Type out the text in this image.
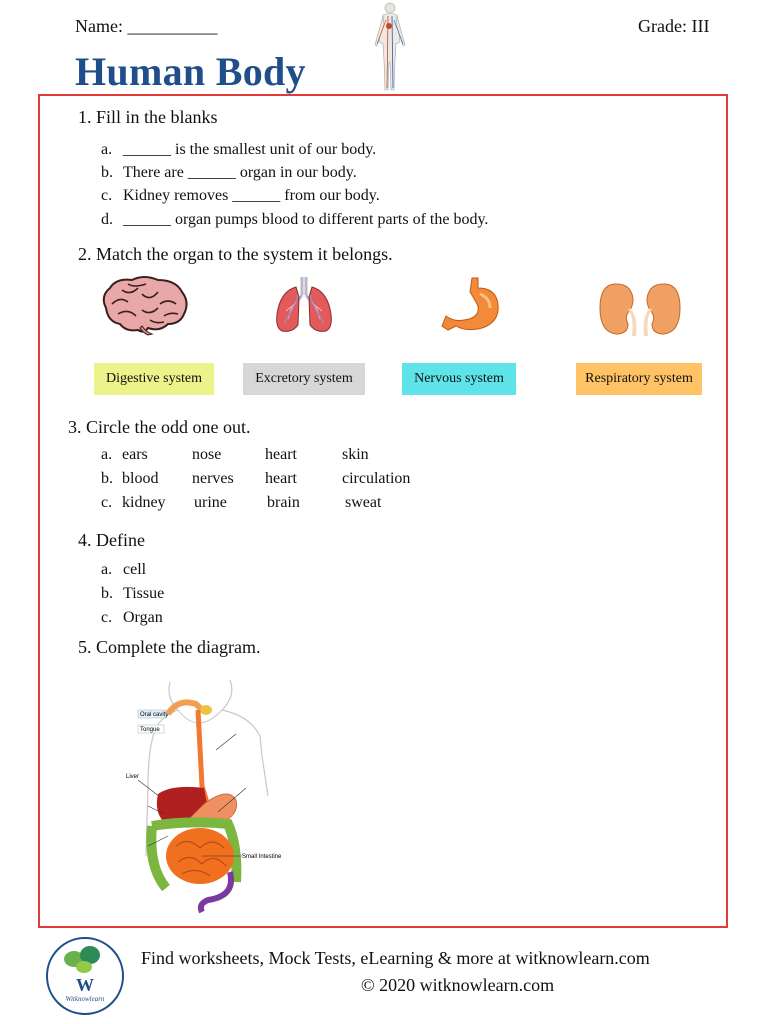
Name: __________	Grade: III
Human Body
1. Fill in the blanks
a. ______ is the smallest unit of our body.
b. There are ______ organ in our body.
c. Kidney removes ______ from our body.
d. ______ organ pumps blood to different parts of the body.
2. Match the organ to the system it belongs.
Digestive system	Excretory system	Nervous system	Respiratory system
3. Circle the odd one out.
a. ears	nose	heart	skin
b. blood nerves heart	circulation
c. kidney urine	brain	sweat
4. Define
a. cell
b. Tissue
c. Organ
5. Complete the diagram.
Oral cavity
Tongue
Liver
Small Intestine
W
Witknowlearn
Find worksheets, Mock Tests, eLearning & more at witknowlearn.com
© 2020 witknowlearn.com
